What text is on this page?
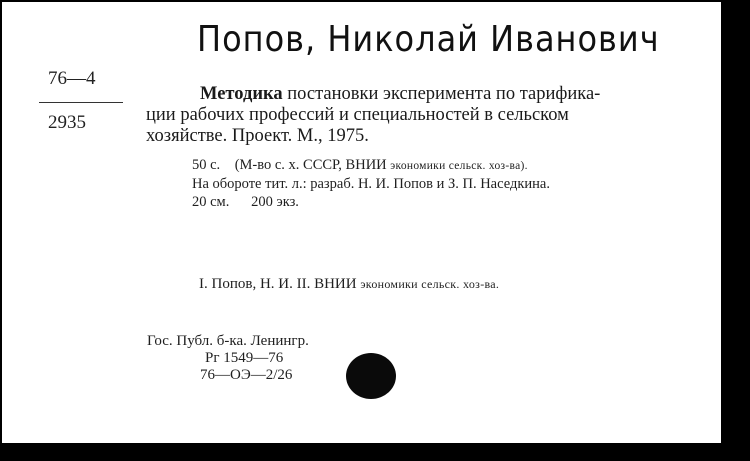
Попов, Николай Иванович
76—4
2935
Методика постановки эксперимента по тарифика-
ции рабочих профессий и специальностей в сельском
хозяйстве. Проект. М., 1975.
50 с. (М-во с. х. СССР, ВНИИ экономики сельск. хоз-ва).
На обороте тит. л.: разраб. Н. И. Попов и З. П. Наседкина.
20 см. 200 экз.
I. Попов, Н. И. II. ВНИИ экономики сельск. хоз-ва.
Гос. Публ. б-ка. Ленингр.
Рг 1549—76
76—ОЭ—2/26
